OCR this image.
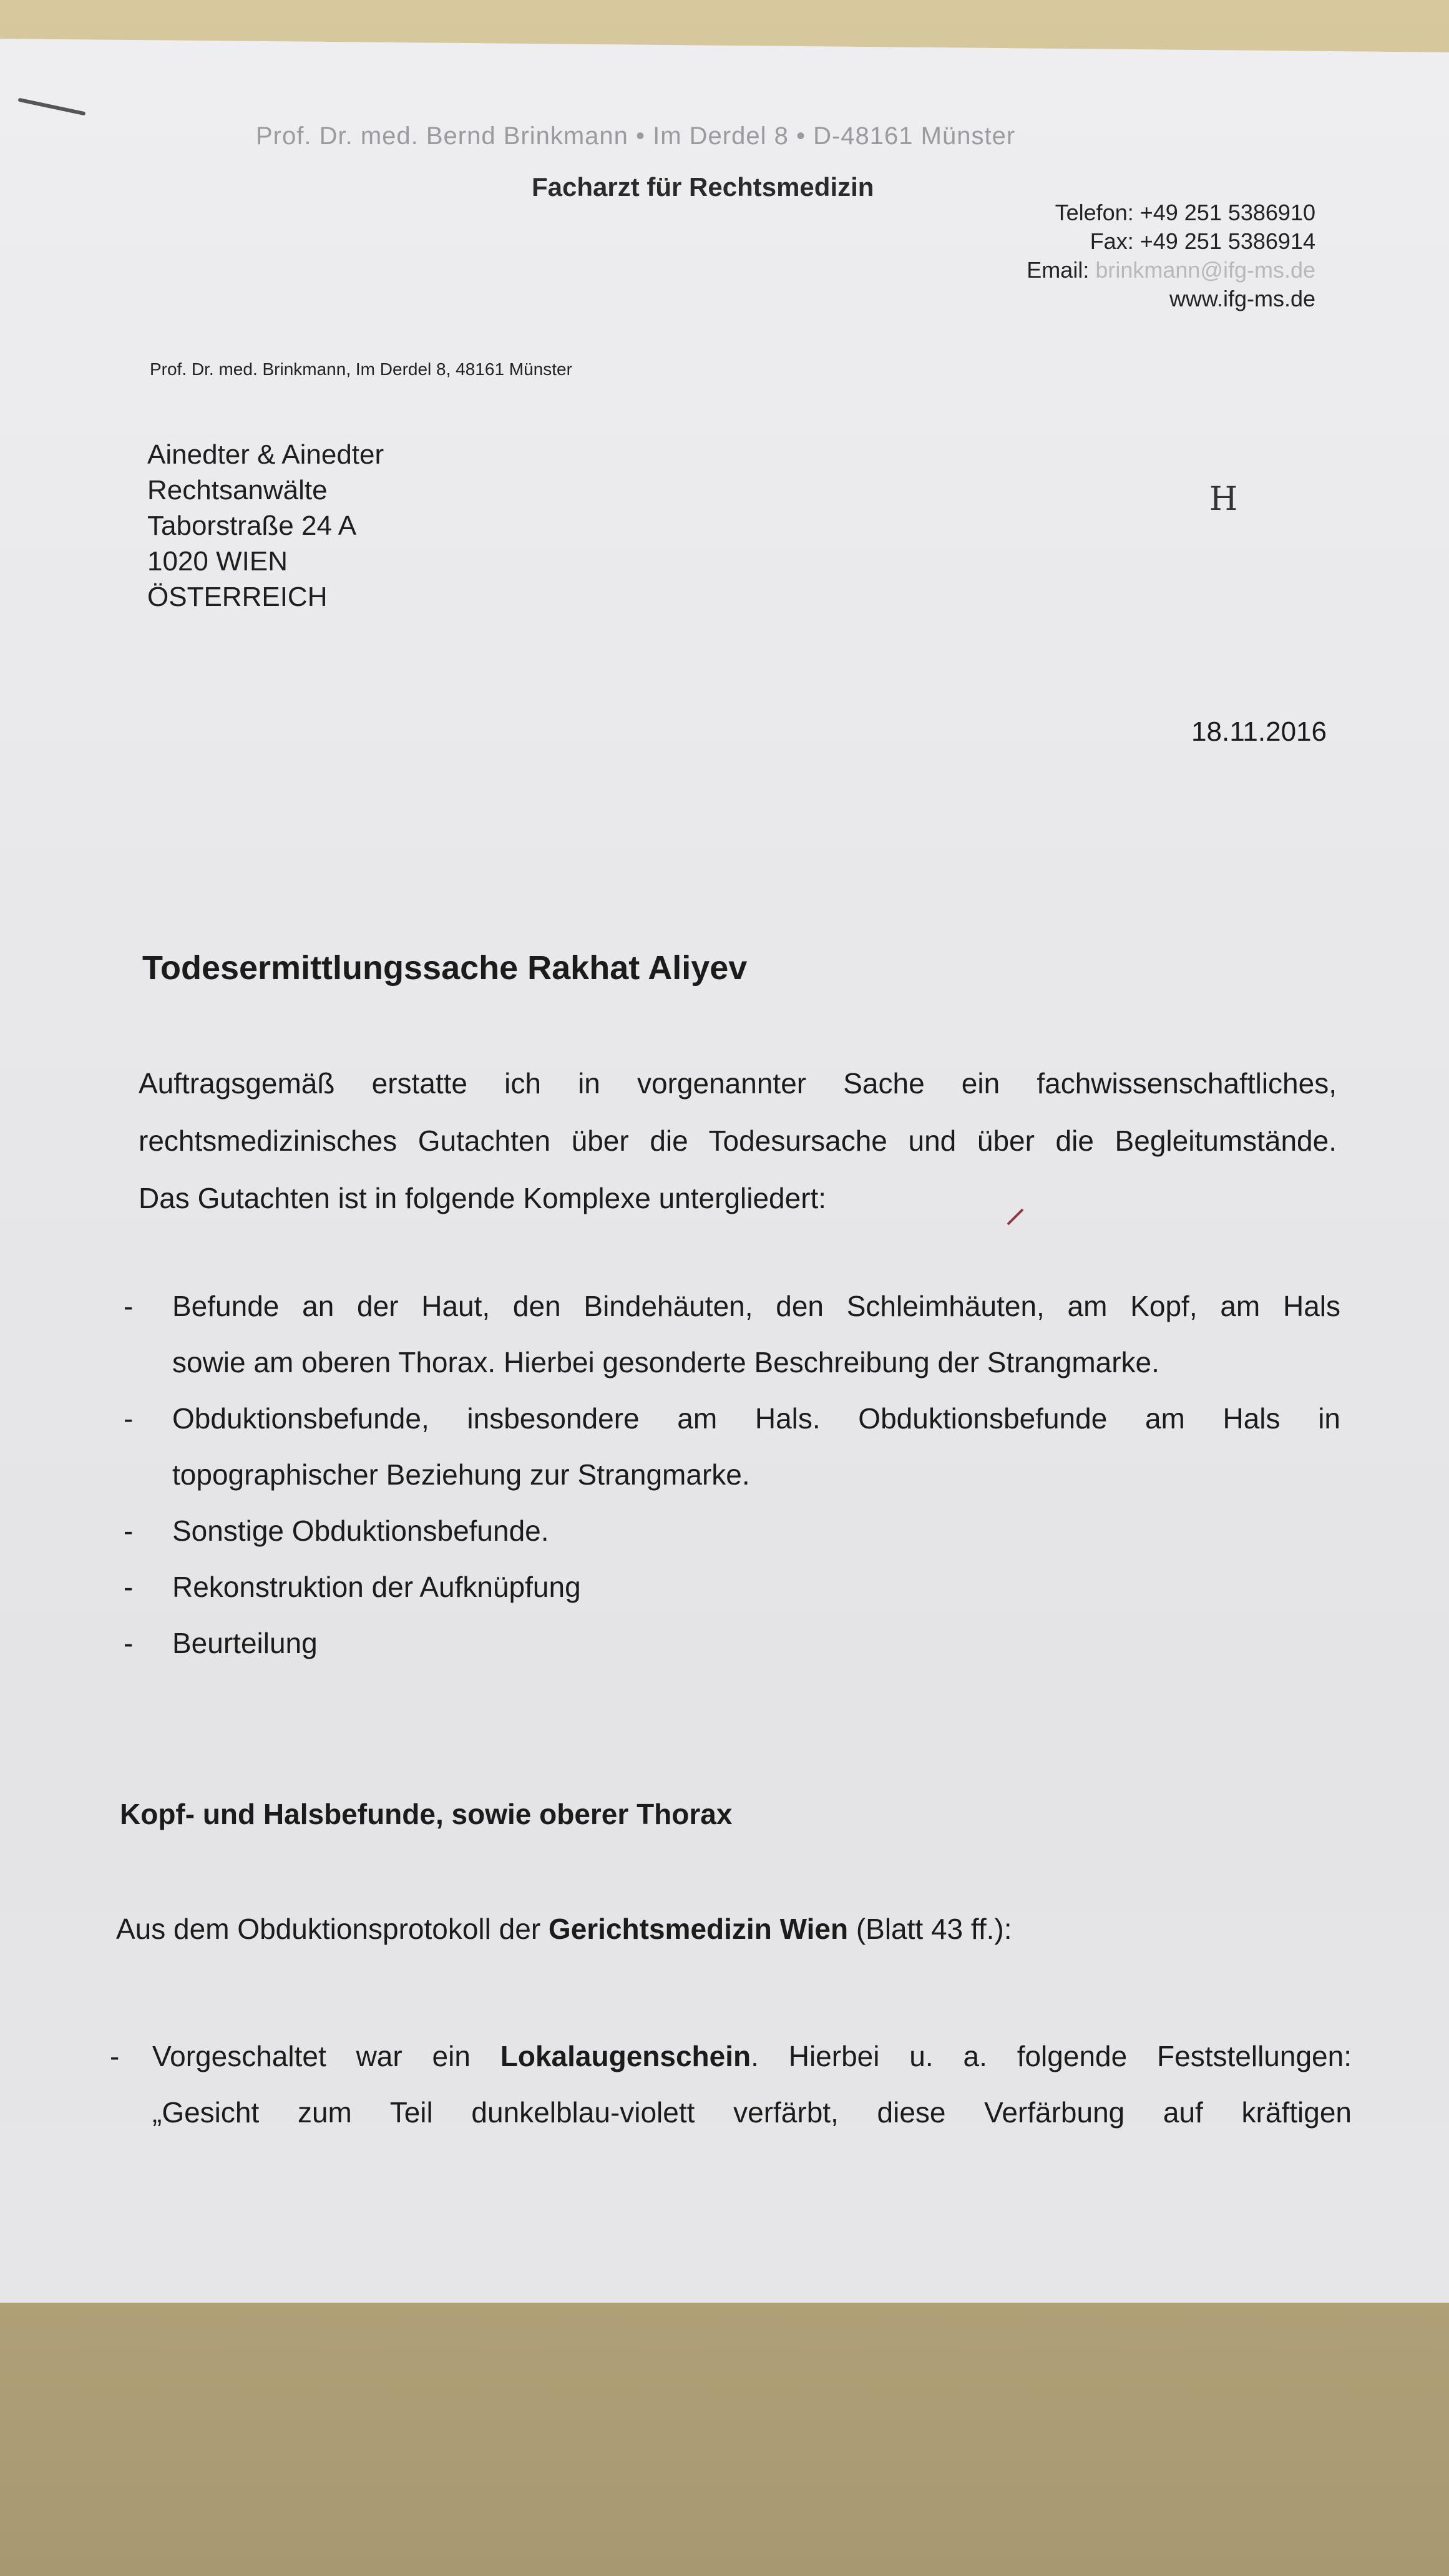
Prof. Dr. med. Bernd Brinkmann • Im Derdel 8 • D-48161 Münster
Facharzt für Rechtsmedizin
Telefon: +49 251 5386910
Fax: +49 251 5386914
Email: brinkmann@ifg-ms.de
www.ifg-ms.de
Prof. Dr. med. Brinkmann, Im Derdel 8, 48161 Münster
Ainedter & Ainedter
Rechtsanwälte
Taborstraße 24 A
1020 WIEN
ÖSTERREICH
H
18.11.2016
Todesermittlungssache Rakhat Aliyev
Auftragsgemäß erstatte ich in vorgenannter Sache ein fachwissenschaftliches,
rechtsmedizinisches Gutachten über die Todesursache und über die Begleitumstände.
Das Gutachten ist in folgende Komplexe untergliedert:
- Befunde an der Haut, den Bindehäuten, den Schleimhäuten, am Kopf, am Hals
sowie am oberen Thorax. Hierbei gesonderte Beschreibung der Strangmarke.
- Obduktionsbefunde, insbesondere am Hals. Obduktionsbefunde am Hals in
topographischer Beziehung zur Strangmarke.
- Sonstige Obduktionsbefunde.
- Rekonstruktion der Aufknüpfung
- Beurteilung
Kopf- und Halsbefunde, sowie oberer Thorax
Aus dem Obduktionsprotokoll der Gerichtsmedizin Wien (Blatt 43 ff.):
- Vorgeschaltet war ein Lokalaugenschein. Hierbei u. a. folgende Feststellungen:
„Gesicht zum Teil dunkelblau-violett verfärbt, diese Verfärbung auf kräftigen
